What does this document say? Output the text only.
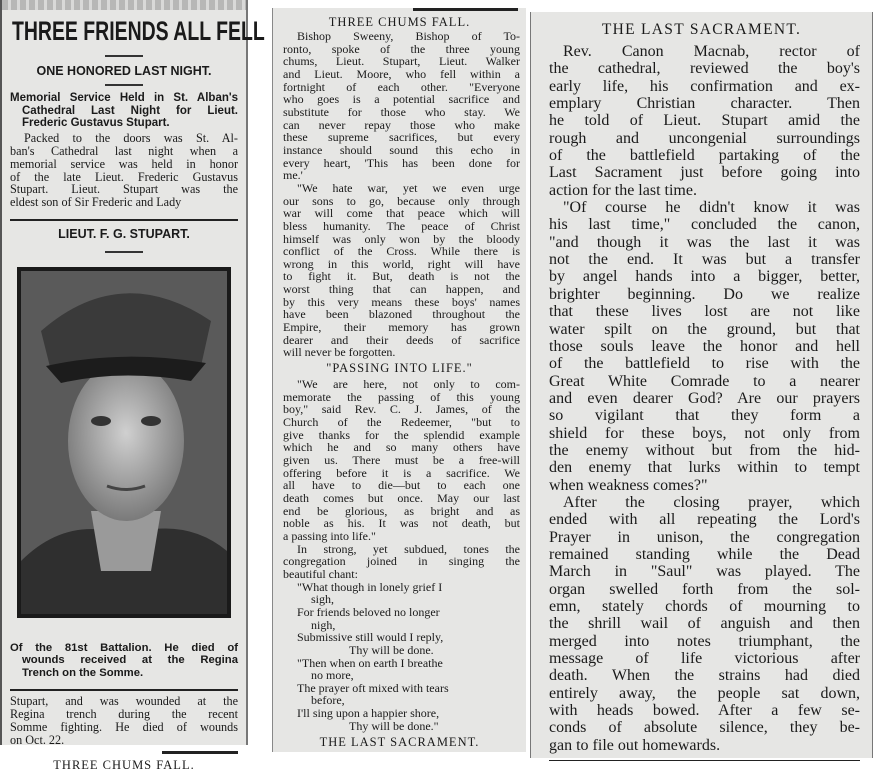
THREE FRIENDS ALL FELL
ONE HONORED LAST NIGHT.
Memorial Service Held in St. Alban's
Cathedral Last Night for Lieut.
Frederic Gustavus Stupart.
Packed to the doors was St. Al-
ban's Cathedral last night when a
memorial service was held in honor
of the late Lieut. Frederic Gustavus
Stupart. Lieut. Stupart was the
eldest son of Sir Frederic and Lady
LIEUT. F. G. STUPART.
Of the 81st Battalion. He died of
wounds received at the Regina
Trench on the Somme.
Stupart, and was wounded at the
Regina trench during the recent
Somme fighting. He died of wounds
on Oct. 22.
THREE CHUMS FALL.
THREE CHUMS FALL.
Bishop Sweeny, Bishop of To-
ronto, spoke of the three young
chums, Lieut. Stupart, Lieut. Walker
and Lieut. Moore, who fell within a
fortnight of each other. "Everyone
who goes is a potential sacrifice and
substitute for those who stay. We
can never repay those who make
these supreme sacrifices, but every
instance should sound this echo in
every heart, 'This has been done for
me.'
"We hate war, yet we even urge
our sons to go, because only through
war will come that peace which will
bless humanity. The peace of Christ
himself was only won by the bloody
conflict of the Cross. While there is
wrong in this world, right will have
to fight it. But, death is not the
worst thing that can happen, and
by this very means these boys' names
have been blazoned throughout the
Empire, their memory has grown
dearer and their deeds of sacrifice
will never be forgotten.
"PASSING INTO LIFE."
"We are here, not only to com-
memorate the passing of this young
boy," said Rev. C. J. James, of the
Church of the Redeemer, "but to
give thanks for the splendid example
which he and so many others have
given us. There must be a free-will
offering before it is a sacrifice. We
all have to die—but to each one
death comes but once. May our last
end be glorious, as bright and as
noble as his. It was not death, but
a passing into life."
In strong, yet subdued, tones the
congregation joined in singing the
beautiful chant:
"What though in lonely grief I
sigh,
For friends beloved no longer
nigh,
Submissive still would I reply,
Thy will be done.
"Then when on earth I breathe
no more,
The prayer oft mixed with tears
before,
I'll sing upon a happier shore,
Thy will be done."
THE LAST SACRAMENT.
THE LAST SACRAMENT.
Rev. Canon Macnab, rector of
the cathedral, reviewed the boy's
early life, his confirmation and ex-
emplary Christian character. Then
he told of Lieut. Stupart amid the
rough and uncongenial surroundings
of the battlefield partaking of the
Last Sacrament just before going into
action for the last time.
"Of course he didn't know it was
his last time," concluded the canon,
"and though it was the last it was
not the end. It was but a transfer
by angel hands into a bigger, better,
brighter beginning. Do we realize
that these lives lost are not like
water spilt on the ground, but that
those souls leave the honor and hell
of the battlefield to rise with the
Great White Comrade to a nearer
and even dearer God? Are our prayers
so vigilant that they form a
shield for these boys, not only from
the enemy without but from the hid-
den enemy that lurks within to tempt
when weakness comes?"
After the closing prayer, which
ended with all repeating the Lord's
Prayer in unison, the congregation
remained standing while the Dead
March in "Saul" was played. The
organ swelled forth from the sol-
emn, stately chords of mourning to
the shrill wail of anguish and then
merged into notes triumphant, the
message of life victorious after
death. When the strains had died
entirely away, the people sat down,
with heads bowed. After a few se-
conds of absolute silence, they be-
gan to file out homewards.
